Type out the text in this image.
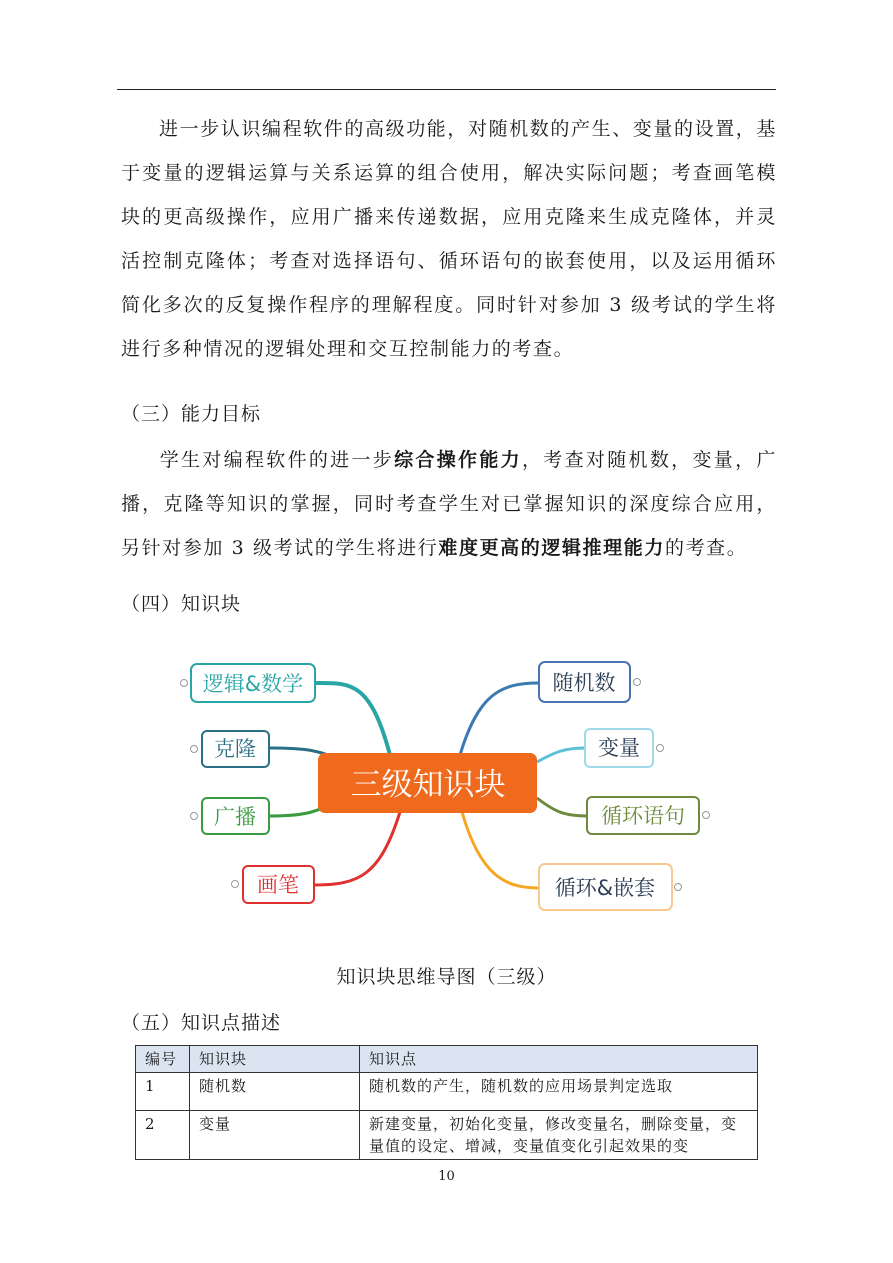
进一步认识编程软件的高级功能，对随机数的产生、变量的设置，基于变量的逻辑运算与关系运算的组合使用，解决实际问题；考查画笔模块的更高级操作，应用广播来传递数据，应用克隆来生成克隆体，并灵活控制克隆体；考查对选择语句、循环语句的嵌套使用，以及运用循环简化多次的反复操作程序的理解程度。同时针对参加 3 级考试的学生将进行多种情况的逻辑处理和交互控制能力的考查。

（三）能力目标

学生对编程软件的进一步综合操作能力，考查对随机数，变量，广播，克隆等知识的掌握，同时考查学生对已掌握知识的深度综合应用，另针对参加 3 级考试的学生将进行难度更高的逻辑推理能力的考查。

（四）知识块

三级知识块
逻辑&数学
克隆
广播
画笔
随机数
变量
循环语句
循环&嵌套

知识块思维导图（三级）

（五）知识点描述

编号	知识块	知识点
1	随机数	随机数的产生，随机数的应用场景判定选取
2	变量	新建变量，初始化变量，修改变量名，删除变量，变量值的设定、增减，变量值变化引起效果的变
10
